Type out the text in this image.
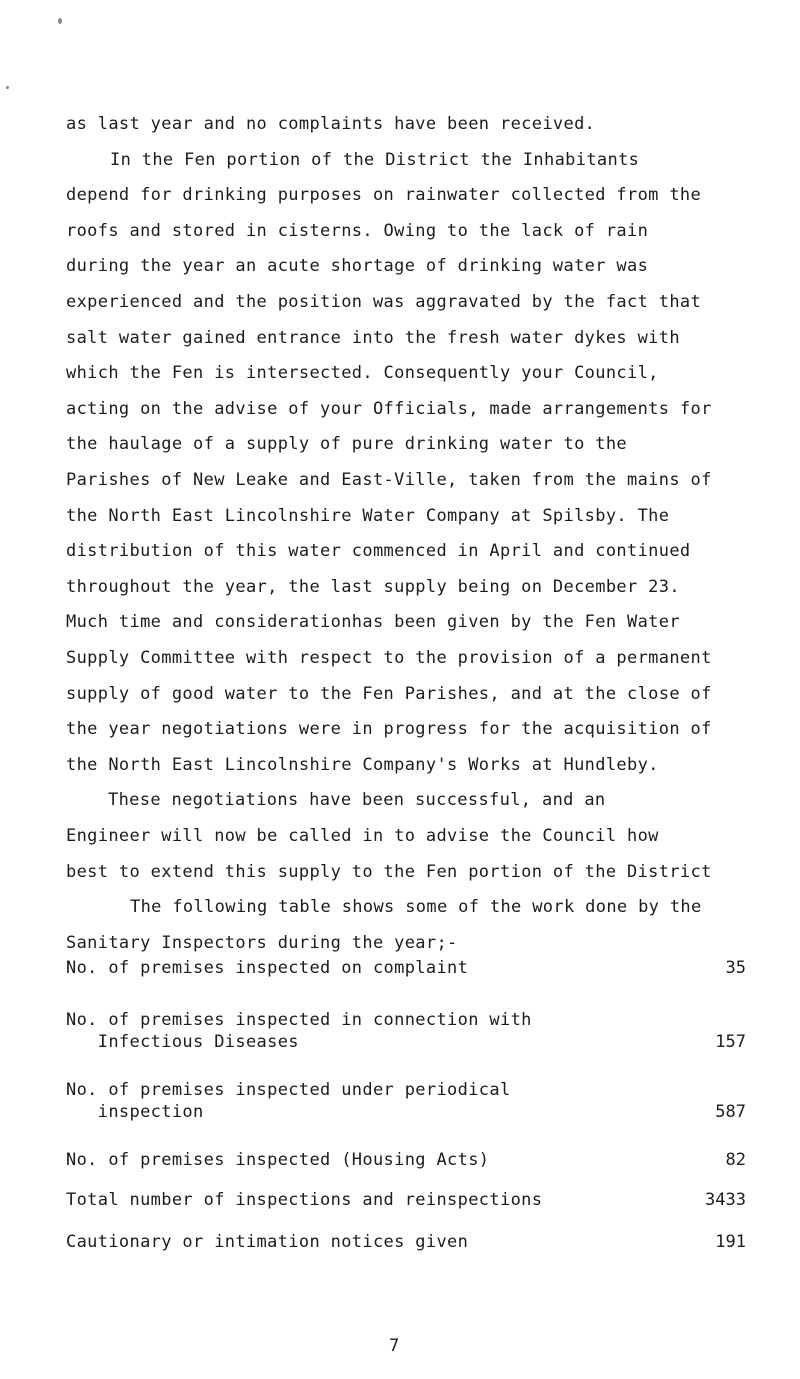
as last year and no complaints have been received.
In the Fen portion of the District the Inhabitants
depend for drinking purposes on rainwater collected from the
roofs and stored in cisterns. Owing to the lack of rain
during the year an acute shortage of drinking water was
experienced and the position was aggravated by the fact that
salt water gained entrance into the fresh water dykes with
which the Fen is intersected. Consequently your Council,
acting on the advise of your Officials, made arrangements for
the haulage of a supply of pure drinking water to the
Parishes of New Leake and East-Ville, taken from the mains of
the North East Lincolnshire Water Company at Spilsby. The
distribution of this water commenced in April and continued
throughout the year, the last supply being on December 23.
Much time and considerationhas been given by the Fen Water
Supply Committee with respect to the provision of a permanent
supply of good water to the Fen Parishes, and at the close of
the year negotiations were in progress for the acquisition of
the North East Lincolnshire Company's Works at Hundleby.
These negotiations have been successful, and an
Engineer will now be called in to advise the Council how
best to extend this supply to the Fen portion of the District
The following table shows some of the work done by the
Sanitary Inspectors during the year;-
No. of premises inspected on complaint	35
No. of premises inspected in connection with
Infectious Diseases	157
No. of premises inspected under periodical
inspection	587
No. of premises inspected (Housing Acts)	82
Total number of inspections and reinspections	3433
Cautionary or intimation notices given	191
7
